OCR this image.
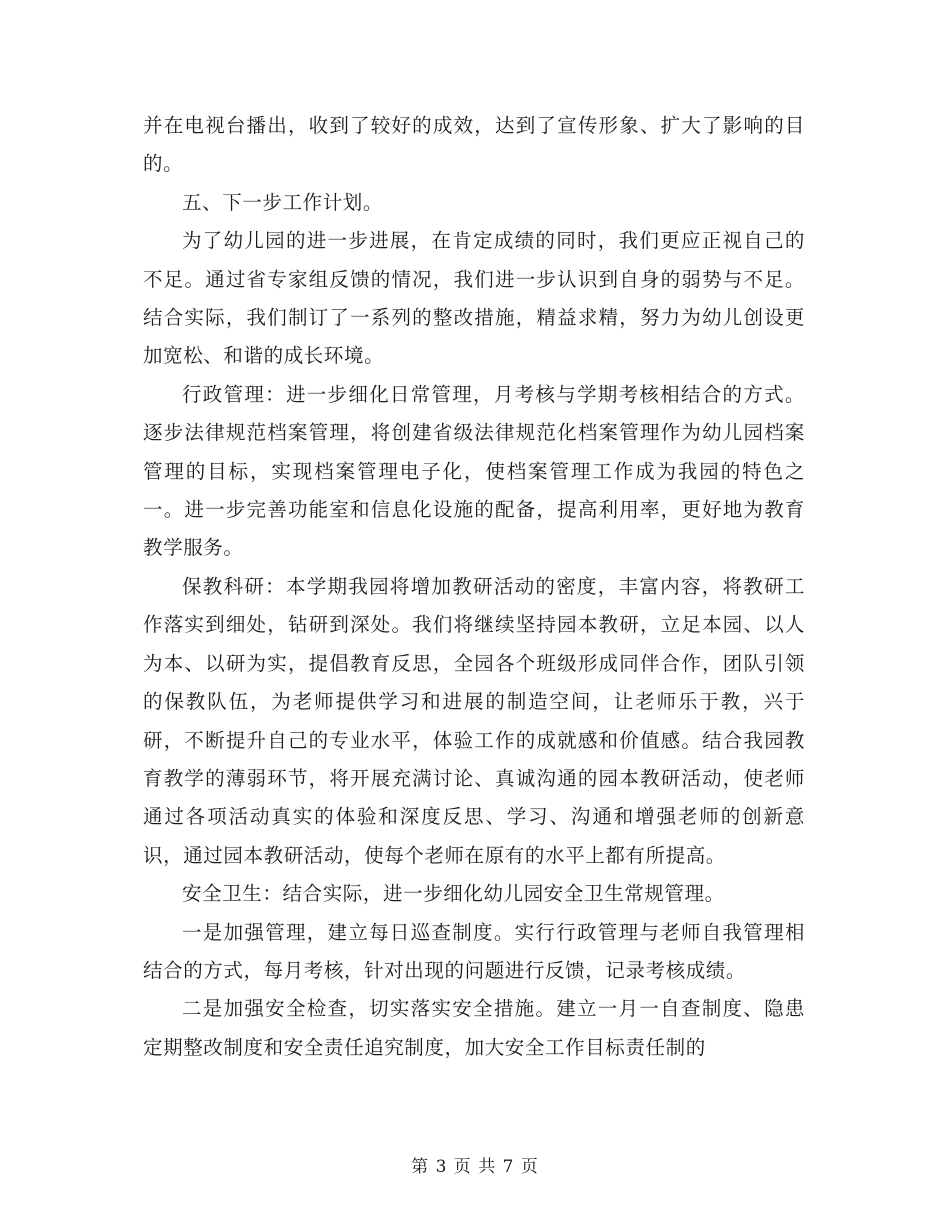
并在电视台播出，收到了较好的成效，达到了宣传形象、扩大了影响的目的。

五、下一步工作计划。

为了幼儿园的进一步进展，在肯定成绩的同时，我们更应正视自己的不足。通过省专家组反馈的情况，我们进一步认识到自身的弱势与不足。结合实际，我们制订了一系列的整改措施，精益求精，努力为幼儿创设更加宽松、和谐的成长环境。

行政管理：进一步细化日常管理，月考核与学期考核相结合的方式。逐步法律规范档案管理，将创建省级法律规范化档案管理作为幼儿园档案管理的目标，实现档案管理电子化，使档案管理工作成为我园的特色之一。进一步完善功能室和信息化设施的配备，提高利用率，更好地为教育教学服务。

保教科研：本学期我园将增加教研活动的密度，丰富内容，将教研工作落实到细处，钻研到深处。我们将继续坚持园本教研，立足本园、以人为本、以研为实，提倡教育反思，全园各个班级形成同伴合作，团队引领的保教队伍，为老师提供学习和进展的制造空间，让老师乐于教，兴于研，不断提升自己的专业水平，体验工作的成就感和价值感。结合我园教育教学的薄弱环节，将开展充满讨论、真诚沟通的园本教研活动，使老师通过各项活动真实的体验和深度反思、学习、沟通和增强老师的创新意识，通过园本教研活动，使每个老师在原有的水平上都有所提高。

安全卫生：结合实际，进一步细化幼儿园安全卫生常规管理。

一是加强管理，建立每日巡查制度。实行行政管理与老师自我管理相结合的方式，每月考核，针对出现的问题进行反馈，记录考核成绩。

二是加强安全检查，切实落实安全措施。建立一月一自查制度、隐患定期整改制度和安全责任追究制度，加大安全工作目标责任制的

第 3 页 共 7 页
